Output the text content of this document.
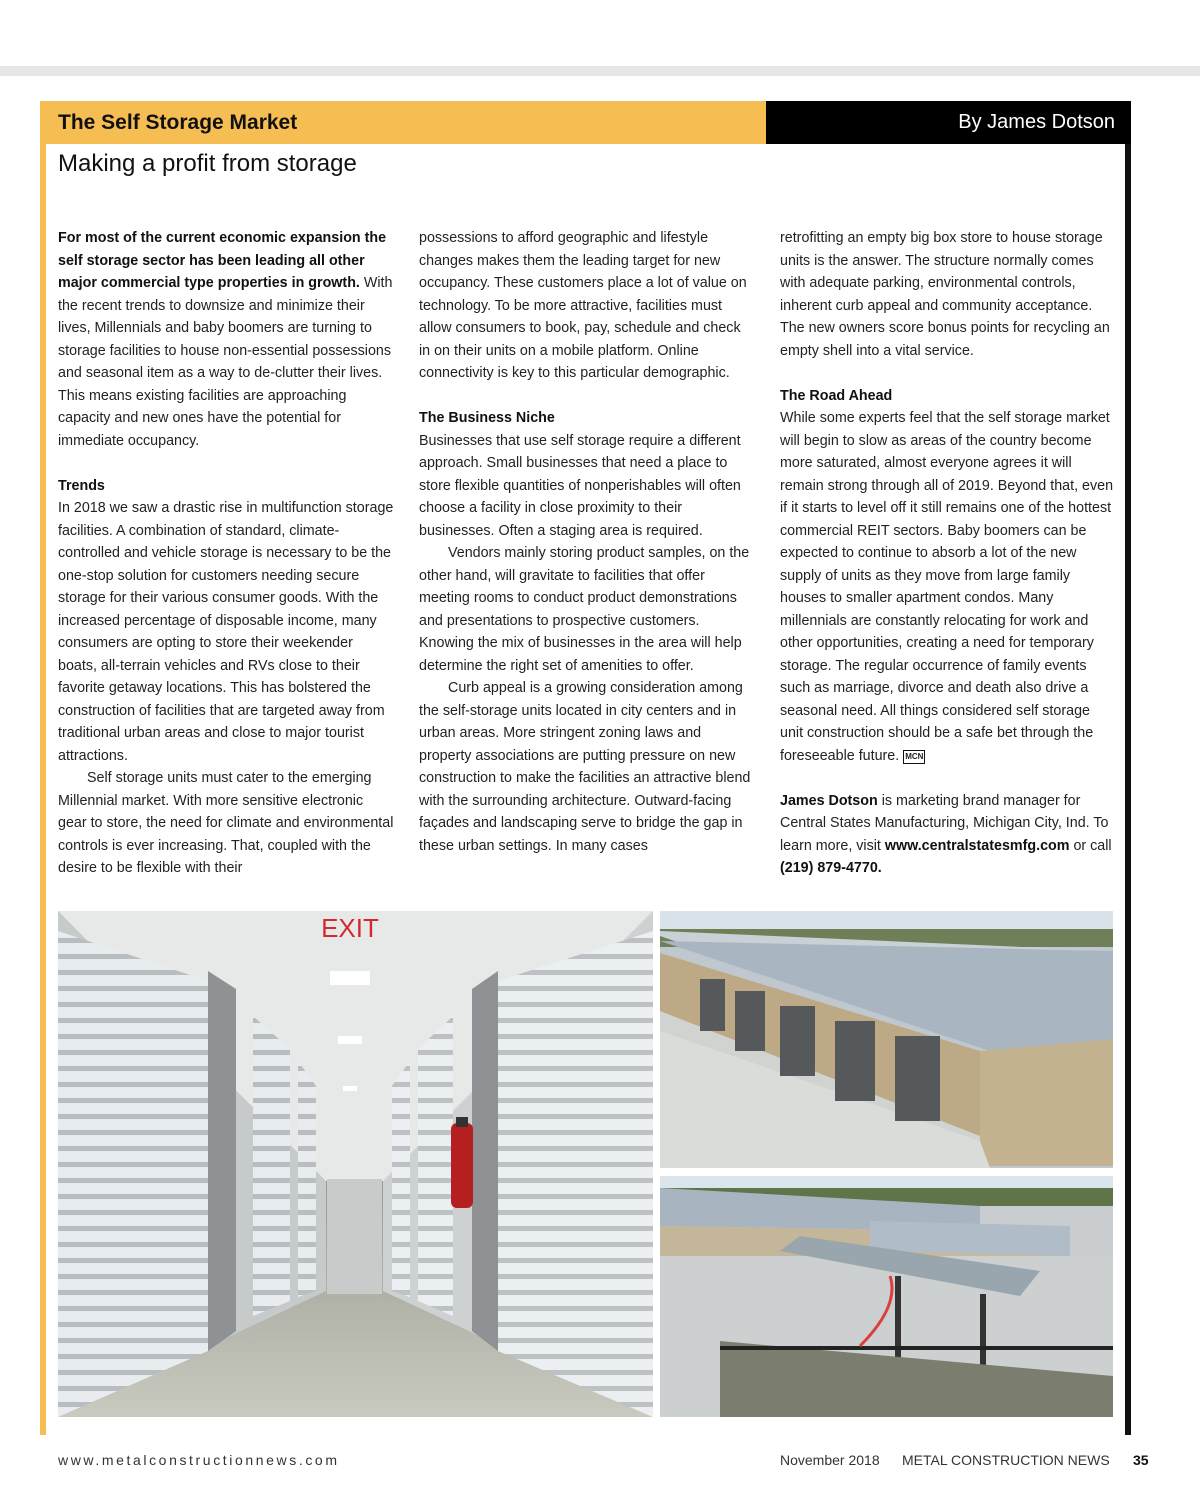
The Self Storage Market	By James Dotson
Making a profit from storage

For most of the current economic expansion the self storage sector has been leading all other major commercial type properties in growth. With the recent trends to downsize and minimize their lives, Millennials and baby boomers are turning to storage facilities to house non-essential possessions and seasonal item as a way to de-clutter their lives. This means existing facilities are approaching capacity and new ones have the potential for immediate occupancy.

Trends

In 2018 we saw a drastic rise in multifunction storage facilities. A combination of standard, climate-controlled and vehicle storage is necessary to be the one-stop solution for customers needing secure storage for their various consumer goods. With the increased percentage of disposable income, many consumers are opting to store their weekender boats, all-terrain vehicles and RVs close to their favorite getaway locations. This has bolstered the construction of facilities that are targeted away from traditional urban areas and close to major tourist attractions.

Self storage units must cater to the emerging Millennial market. With more sensitive electronic gear to store, the need for climate and environmental controls is ever increasing. That, coupled with the desire to be flexible with their

possessions to afford geographic and lifestyle changes makes them the leading target for new occupancy. These customers place a lot of value on technology. To be more attractive, facilities must allow consumers to book, pay, schedule and check in on their units on a mobile platform. Online connectivity is key to this particular demographic.

The Business Niche

Businesses that use self storage require a different approach. Small businesses that need a place to store flexible quantities of nonperishables will often choose a facility in close proximity to their businesses. Often a staging area is required.

Vendors mainly storing product samples, on the other hand, will gravitate to facilities that offer meeting rooms to conduct product demonstrations and presentations to prospective customers. Knowing the mix of businesses in the area will help determine the right set of amenities to offer.

Curb appeal is a growing consideration among the self-storage units located in city centers and in urban areas. More stringent zoning laws and property associations are putting pressure on new construction to make the facilities an attractive blend with the surrounding architecture. Outward-facing façades and landscaping serve to bridge the gap in these urban settings. In many cases

retrofitting an empty big box store to house storage units is the answer. The structure normally comes with adequate parking, environmental controls, inherent curb appeal and community acceptance. The new owners score bonus points for recycling an empty shell into a vital service.

The Road Ahead

While some experts feel that the self storage market will begin to slow as areas of the country become more saturated, almost everyone agrees it will remain strong through all of 2019. Beyond that, even if it starts to level off it still remains one of the hottest commercial REIT sectors. Baby boomers can be expected to continue to absorb a lot of the new supply of units as they move from large family houses to smaller apartment condos. Many millennials are constantly relocating for work and other opportunities, creating a need for temporary storage. The regular occurrence of family events such as marriage, divorce and death also drive a seasonal need. All things considered self storage unit construction should be a safe bet through the foreseeable future. MCN

James Dotson is marketing brand manager for Central States Manufacturing, Michigan City, Ind. To learn more, visit www.centralstatesmfg.com or call (219) 879-4770.

EXIT
www.metalconstructionnews.com	November 2018 METAL CONSTRUCTION NEWS 35
